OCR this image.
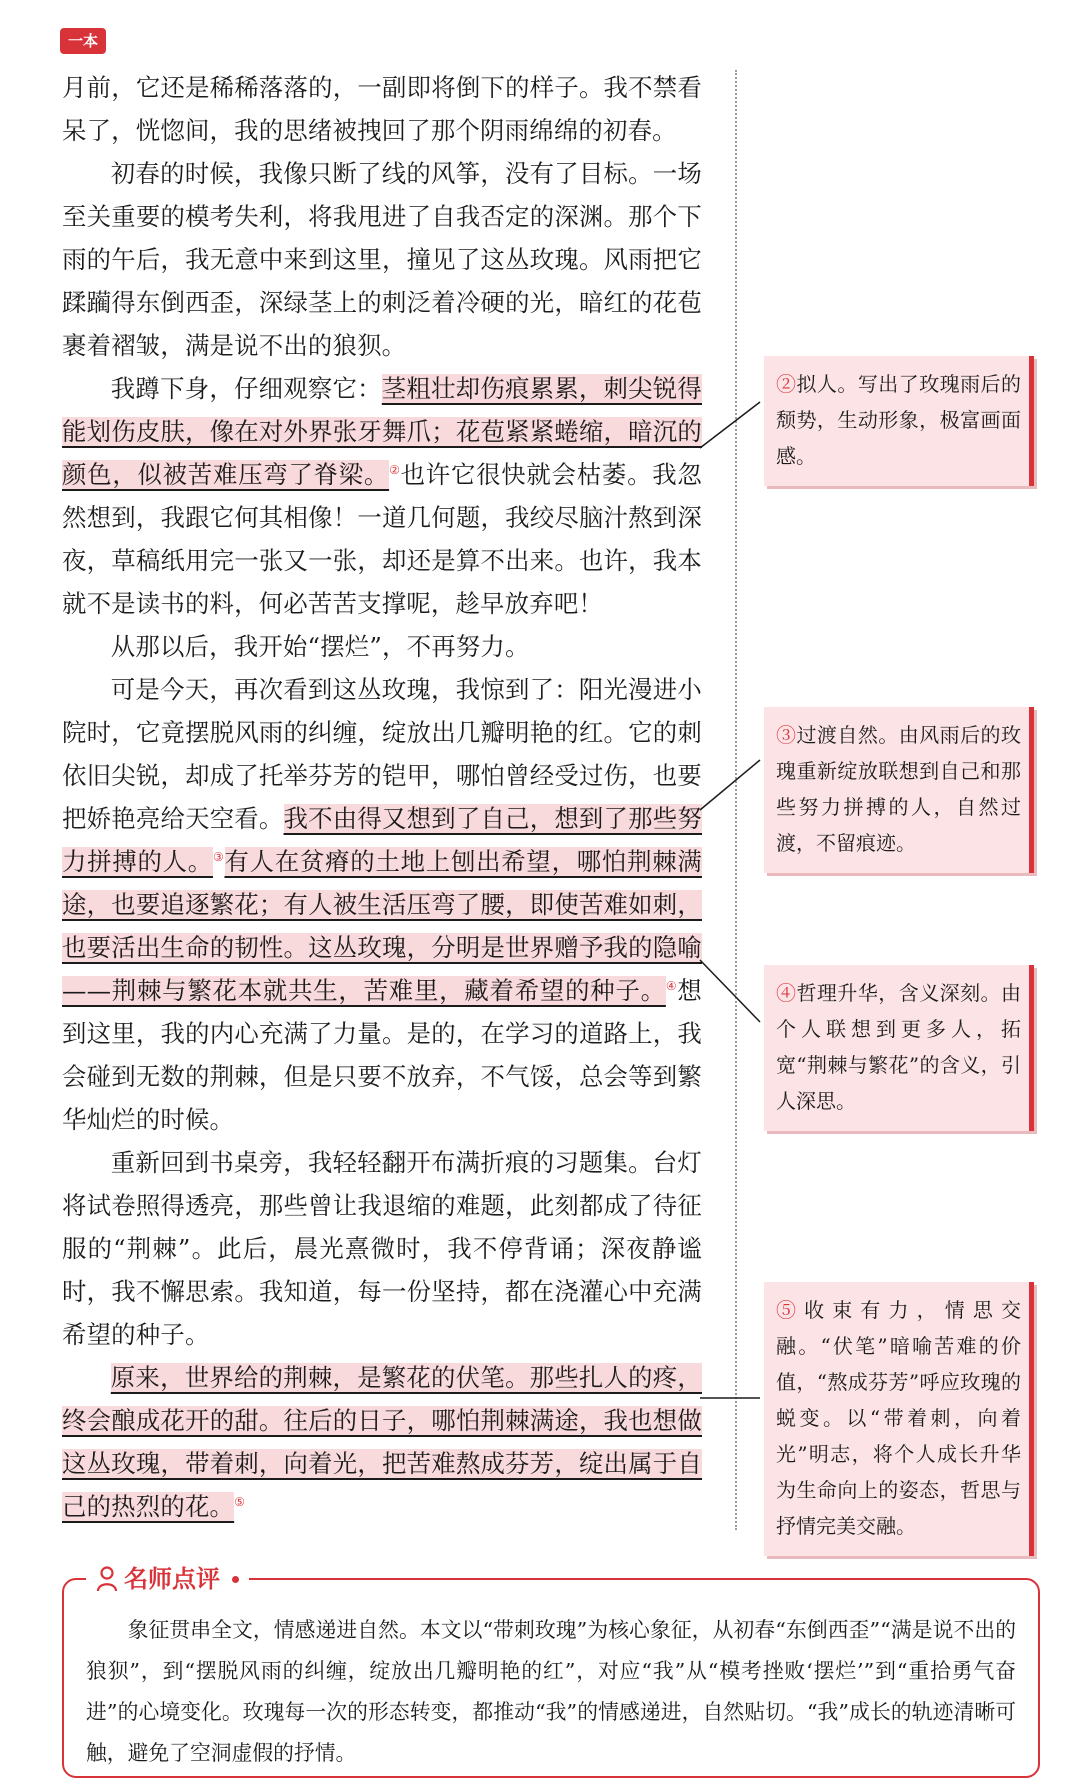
一本

月前，它还是稀稀落落的，一副即将倒下的样子。我不禁看呆了，恍惚间，我的思绪被拽回了那个阴雨绵绵的初春。

初春的时候，我像只断了线的风筝，没有了目标。一场至关重要的模考失利，将我甩进了自我否定的深渊。那个下雨的午后，我无意中来到这里，撞见了这丛玫瑰。风雨把它蹂躏得东倒西歪，深绿茎上的刺泛着冷硬的光，暗红的花苞裹着褶皱，满是说不出的狼狈。

我蹲下身，仔细观察它：茎粗壮却伤痕累累，刺尖锐得能划伤皮肤，像在对外界张牙舞爪；花苞紧紧蜷缩，暗沉的颜色，似被苦难压弯了脊梁。②也许它很快就会枯萎。我忽然想到，我跟它何其相像！一道几何题，我绞尽脑汁熬到深夜，草稿纸用完一张又一张，却还是算不出来。也许，我本就不是读书的料，何必苦苦支撑呢，趁早放弃吧！

从那以后，我开始“摆烂”，不再努力。

可是今天，再次看到这丛玫瑰，我惊到了：阳光漫进小院时，它竟摆脱风雨的纠缠，绽放出几瓣明艳的红。它的刺依旧尖锐，却成了托举芬芳的铠甲，哪怕曾经受过伤，也要把娇艳亮给天空看。我不由得又想到了自己，想到了那些努力拼搏的人。③有人在贫瘠的土地上刨出希望，哪怕荆棘满途，也要追逐繁花；有人被生活压弯了腰，即使苦难如刺，也要活出生命的韧性。这丛玫瑰，分明是世界赠予我的隐喻——荆棘与繁花本就共生，苦难里，藏着希望的种子。④想到这里，我的内心充满了力量。是的，在学习的道路上，我会碰到无数的荆棘，但是只要不放弃，不气馁，总会等到繁华灿烂的时候。

重新回到书桌旁，我轻轻翻开布满折痕的习题集。台灯将试卷照得透亮，那些曾让我退缩的难题，此刻都成了待征服的“荆棘”。此后，晨光熹微时，我不停背诵；深夜静谧时，我不懈思索。我知道，每一份坚持，都在浇灌心中充满希望的种子。

原来，世界给的荆棘，是繁花的伏笔。那些扎人的疼，终会酿成花开的甜。往后的日子，哪怕荆棘满途，我也想做这丛玫瑰，带着刺，向着光，把苦难熬成芬芳，绽出属于自己的热烈的花。⑤

②拟人。写出了玫瑰雨后的颓势，生动形象，极富画面感。
③过渡自然。由风雨后的玫瑰重新绽放联想到自己和那些努力拼搏的人，自然过渡，不留痕迹。
④哲理升华，含义深刻。由个人联想到更多人，拓宽“荆棘与繁花”的含义，引人深思。
⑤收束有力，情思交融。“伏笔”暗喻苦难的价值，“熬成芬芳”呼应玫瑰的蜕变。以“带着刺，向着光”明志，将个人成长升华为生命向上的姿态，哲思与抒情完美交融。
名师点评
象征贯串全文，情感递进自然。本文以“带刺玫瑰”为核心象征，从初春“东倒西歪”“满是说不出的狼狈”，到“摆脱风雨的纠缠，绽放出几瓣明艳的红”，对应“我”从“模考挫败‘摆烂’”到“重拾勇气奋进”的心境变化。玫瑰每一次的形态转变，都推动“我”的情感递进，自然贴切。“我”成长的轨迹清晰可触，避免了空洞虚假的抒情。
